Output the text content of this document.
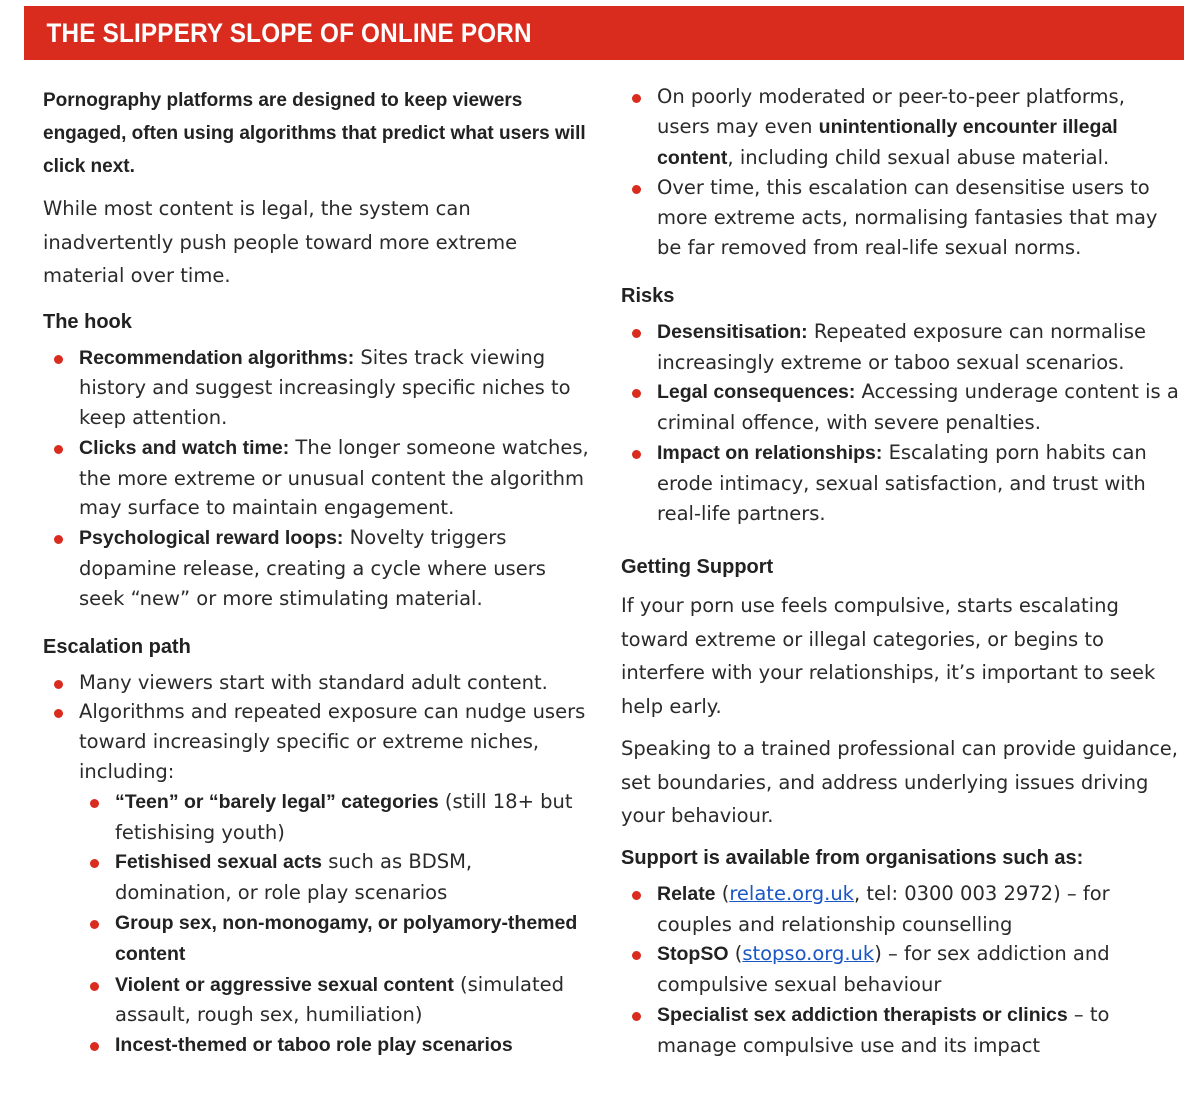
THE SLIPPERY SLOPE OF ONLINE PORN

Pornography platforms are designed to keep viewers engaged, often using algorithms that predict what users will click next.

While most content is legal, the system can inadvertently push people toward more extreme material over time.

The hook
Recommendation algorithms: Sites track viewing history and suggest increasingly specific niches to keep attention.
Clicks and watch time: The longer someone watches, the more extreme or unusual content the algorithm may surface to maintain engagement.
Psychological reward loops: Novelty triggers dopamine release, creating a cycle where users seek “new” or more stimulating material.
Escalation path
Many viewers start with standard adult content.
Algorithms and repeated exposure can nudge users toward increasingly specific or extreme niches, including:
“Teen” or “barely legal” categories (still 18+ but fetishising youth)
Fetishised sexual acts such as BDSM, domination, or role play scenarios
Group sex, non-monogamy, or polyamory-themed content
Violent or aggressive sexual content (simulated assault, rough sex, humiliation)
Incest-themed or taboo role play scenarios
On poorly moderated or peer-to-peer platforms, users may even unintentionally encounter illegal content, including child sexual abuse material.
Over time, this escalation can desensitise users to more extreme acts, normalising fantasies that may be far removed from real-life sexual norms.
Risks
Desensitisation: Repeated exposure can normalise increasingly extreme or taboo sexual scenarios.
Legal consequences: Accessing underage content is a criminal offence, with severe penalties.
Impact on relationships: Escalating porn habits can erode intimacy, sexual satisfaction, and trust with real-life partners.
Getting Support

If your porn use feels compulsive, starts escalating toward extreme or illegal categories, or begins to interfere with your relationships, it’s important to seek help early.

Speaking to a trained professional can provide guidance, set boundaries, and address underlying issues driving your behaviour.

Support is available from organisations such as:
Relate (relate.org.uk, tel: 0300 003 2972) – for couples and relationship counselling
StopSO (stopso.org.uk) – for sex addiction and compulsive sexual behaviour
Specialist sex addiction therapists or clinics – to manage compulsive use and its impact
